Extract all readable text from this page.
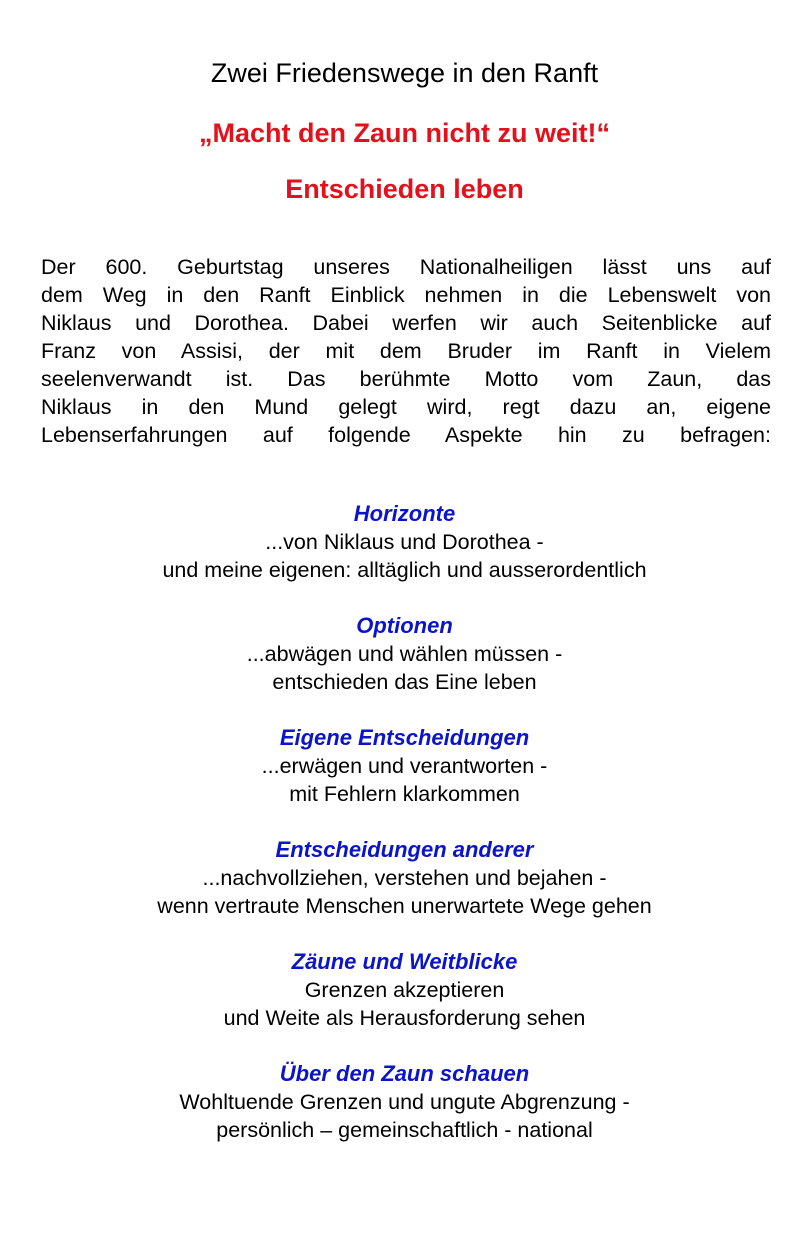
Zwei Friedenswege in den Ranft
„Macht den Zaun nicht zu weit!“
Entschieden leben

Der 600. Geburtstag unseres Nationalheiligen lässt uns auf
dem Weg in den Ranft Einblick nehmen in die Lebenswelt von
Niklaus und Dorothea. Dabei werfen wir auch Seitenblicke auf
Franz von Assisi, der mit dem Bruder im Ranft in Vielem
seelenverwandt ist. Das berühmte Motto vom Zaun, das
Niklaus in den Mund gelegt wird, regt dazu an, eigene
Lebenserfahrungen auf folgende Aspekte hin zu befragen:

Horizonte
...von Niklaus und Dorothea -
und meine eigenen: alltäglich und ausserordentlich
Optionen
...abwägen und wählen müssen -
entschieden das Eine leben
Eigene Entscheidungen
...erwägen und verantworten -
mit Fehlern klarkommen
Entscheidungen anderer
...nachvollziehen, verstehen und bejahen -
wenn vertraute Menschen unerwartete Wege gehen
Zäune und Weitblicke
Grenzen akzeptieren
und Weite als Herausforderung sehen
Über den Zaun schauen
Wohltuende Grenzen und ungute Abgrenzung -
persönlich – gemeinschaftlich - national
